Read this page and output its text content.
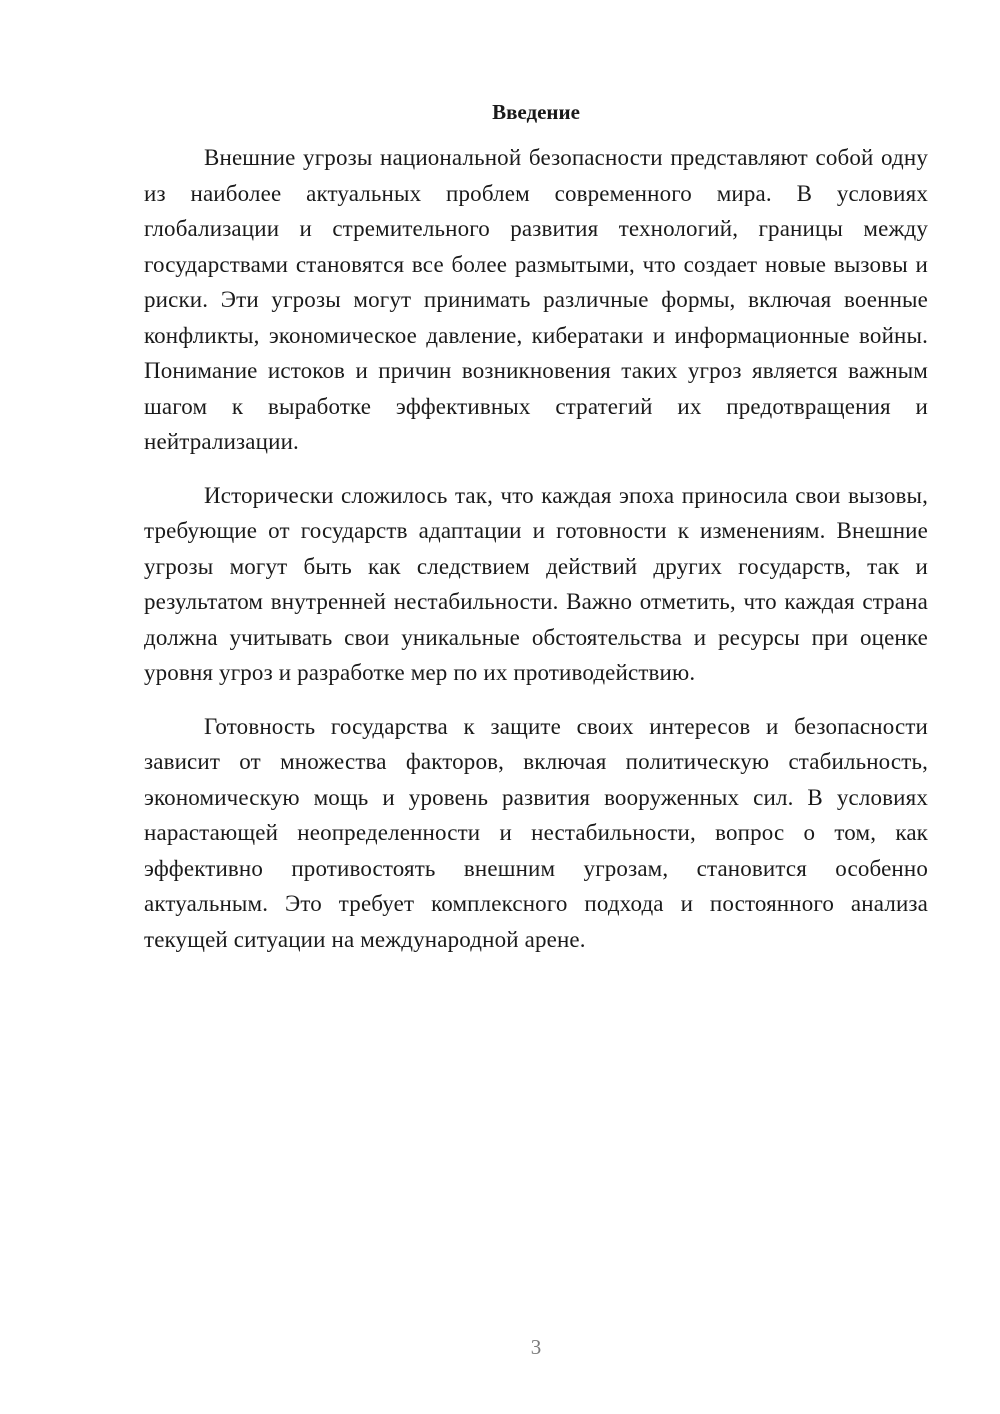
Введение

Внешние угрозы национальной безопасности представляют собой одну из наиболее актуальных проблем современного мира. В условиях глобализации и стремительного развития технологий, границы между государствами становятся все более размытыми, что создает новые вызовы и риски. Эти угрозы могут принимать различные формы, включая военные конфликты, экономическое давление, кибератаки и информационные войны. Понимание истоков и причин возникновения таких угроз является важным шагом к выработке эффективных стратегий их предотвращения и нейтрализации.

Исторически сложилось так, что каждая эпоха приносила свои вызовы, требующие от государств адаптации и готовности к изменениям. Внешние угрозы могут быть как следствием действий других государств, так и результатом внутренней нестабильности. Важно отметить, что каждая страна должна учитывать свои уникальные обстоятельства и ресурсы при оценке уровня угроз и разработке мер по их противодействию.

Готовность государства к защите своих интересов и безопасности зависит от множества факторов, включая политическую стабильность, экономическую мощь и уровень развития вооруженных сил. В условиях нарастающей неопределенности и нестабильности, вопрос о том, как эффективно противостоять внешним угрозам, становится особенно актуальным. Это требует комплексного подхода и постоянного анализа текущей ситуации на международной арене.

3
